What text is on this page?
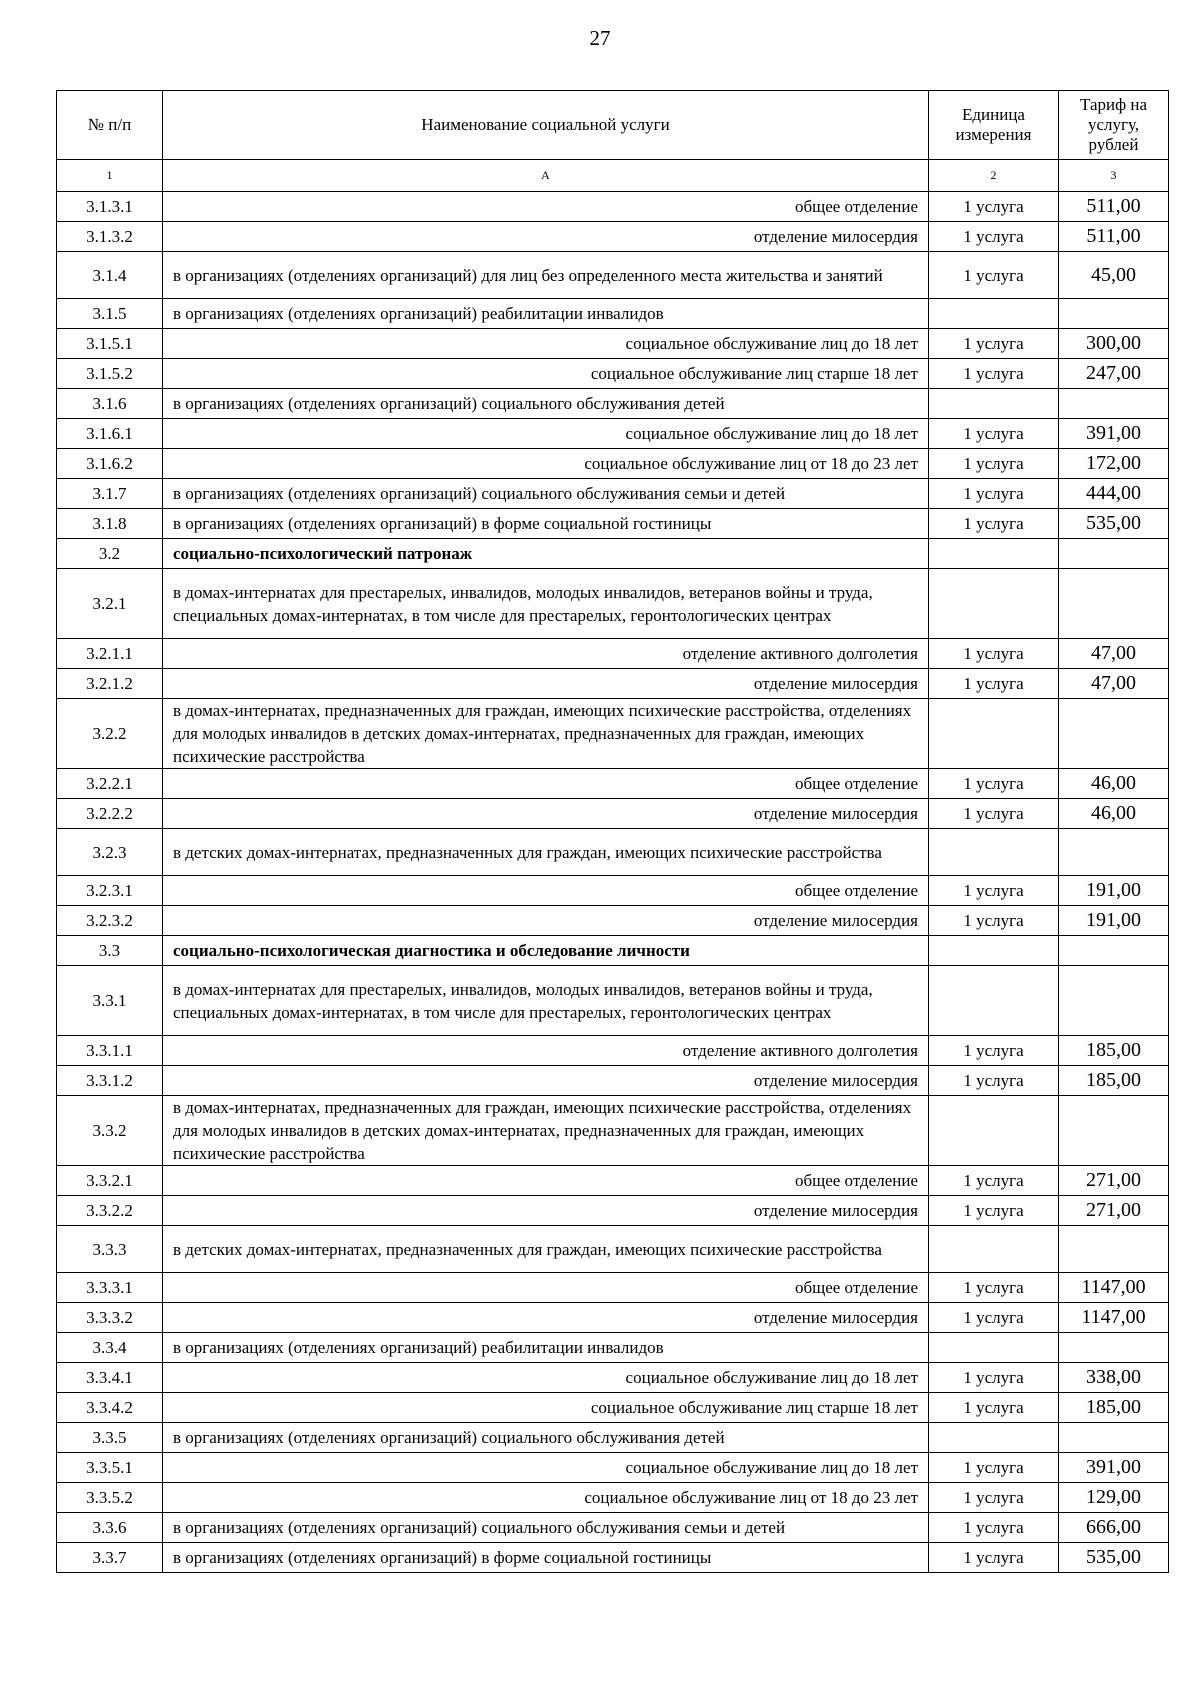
27
№ п/п	Наименование социальной услуги	Единица измерения	Тариф на услугу, рублей
1	А	2	3
3.1.3.1	общее отделение	1 услуга	511,00
3.1.3.2	отделение милосердия	1 услуга	511,00
3.1.4	в организациях (отделениях организаций) для лиц без определенного места жительства и занятий	1 услуга	45,00
3.1.5	в организациях (отделениях организаций) реабилитации инвалидов		
3.1.5.1	социальное обслуживание лиц до 18 лет	1 услуга	300,00
3.1.5.2	социальное обслуживание лиц старше 18 лет	1 услуга	247,00
3.1.6	в организациях (отделениях организаций) социального обслуживания детей		
3.1.6.1	социальное обслуживание лиц до 18 лет	1 услуга	391,00
3.1.6.2	социальное обслуживание лиц от 18 до 23 лет	1 услуга	172,00
3.1.7	в организациях (отделениях организаций) социального обслуживания семьи и детей	1 услуга	444,00
3.1.8	в организациях (отделениях организаций) в форме социальной гостиницы	1 услуга	535,00
3.2	социально-психологический патронаж		
3.2.1	в домах-интернатах для престарелых, инвалидов, молодых инвалидов, ветеранов войны и труда, специальных домах-интернатах, в том числе для престарелых, геронтологических центрах		
3.2.1.1	отделение активного долголетия	1 услуга	47,00
3.2.1.2	отделение милосердия	1 услуга	47,00
3.2.2	в домах-интернатах, предназначенных для граждан, имеющих психические расстройства, отделениях для молодых инвалидов в детских домах-интернатах, предназначенных для граждан, имеющих психические расстройства		
3.2.2.1	общее отделение	1 услуга	46,00
3.2.2.2	отделение милосердия	1 услуга	46,00
3.2.3	в детских домах-интернатах, предназначенных для граждан, имеющих психические расстройства		
3.2.3.1	общее отделение	1 услуга	191,00
3.2.3.2	отделение милосердия	1 услуга	191,00
3.3	социально-психологическая диагностика и обследование личности		
3.3.1	в домах-интернатах для престарелых, инвалидов, молодых инвалидов, ветеранов войны и труда, специальных домах-интернатах, в том числе для престарелых, геронтологических центрах		
3.3.1.1	отделение активного долголетия	1 услуга	185,00
3.3.1.2	отделение милосердия	1 услуга	185,00
3.3.2	в домах-интернатах, предназначенных для граждан, имеющих психические расстройства, отделениях для молодых инвалидов в детских домах-интернатах, предназначенных для граждан, имеющих психические расстройства		
3.3.2.1	общее отделение	1 услуга	271,00
3.3.2.2	отделение милосердия	1 услуга	271,00
3.3.3	в детских домах-интернатах, предназначенных для граждан, имеющих психические расстройства		
3.3.3.1	общее отделение	1 услуга	1147,00
3.3.3.2	отделение милосердия	1 услуга	1147,00
3.3.4	в организациях (отделениях организаций) реабилитации инвалидов		
3.3.4.1	социальное обслуживание лиц до 18 лет	1 услуга	338,00
3.3.4.2	социальное обслуживание лиц старше 18 лет	1 услуга	185,00
3.3.5	в организациях (отделениях организаций) социального обслуживания детей		
3.3.5.1	социальное обслуживание лиц до 18 лет	1 услуга	391,00
3.3.5.2	социальное обслуживание лиц от 18 до 23 лет	1 услуга	129,00
3.3.6	в организациях (отделениях организаций) социального обслуживания семьи и детей	1 услуга	666,00
3.3.7	в организациях (отделениях организаций) в форме социальной гостиницы	1 услуга	535,00
